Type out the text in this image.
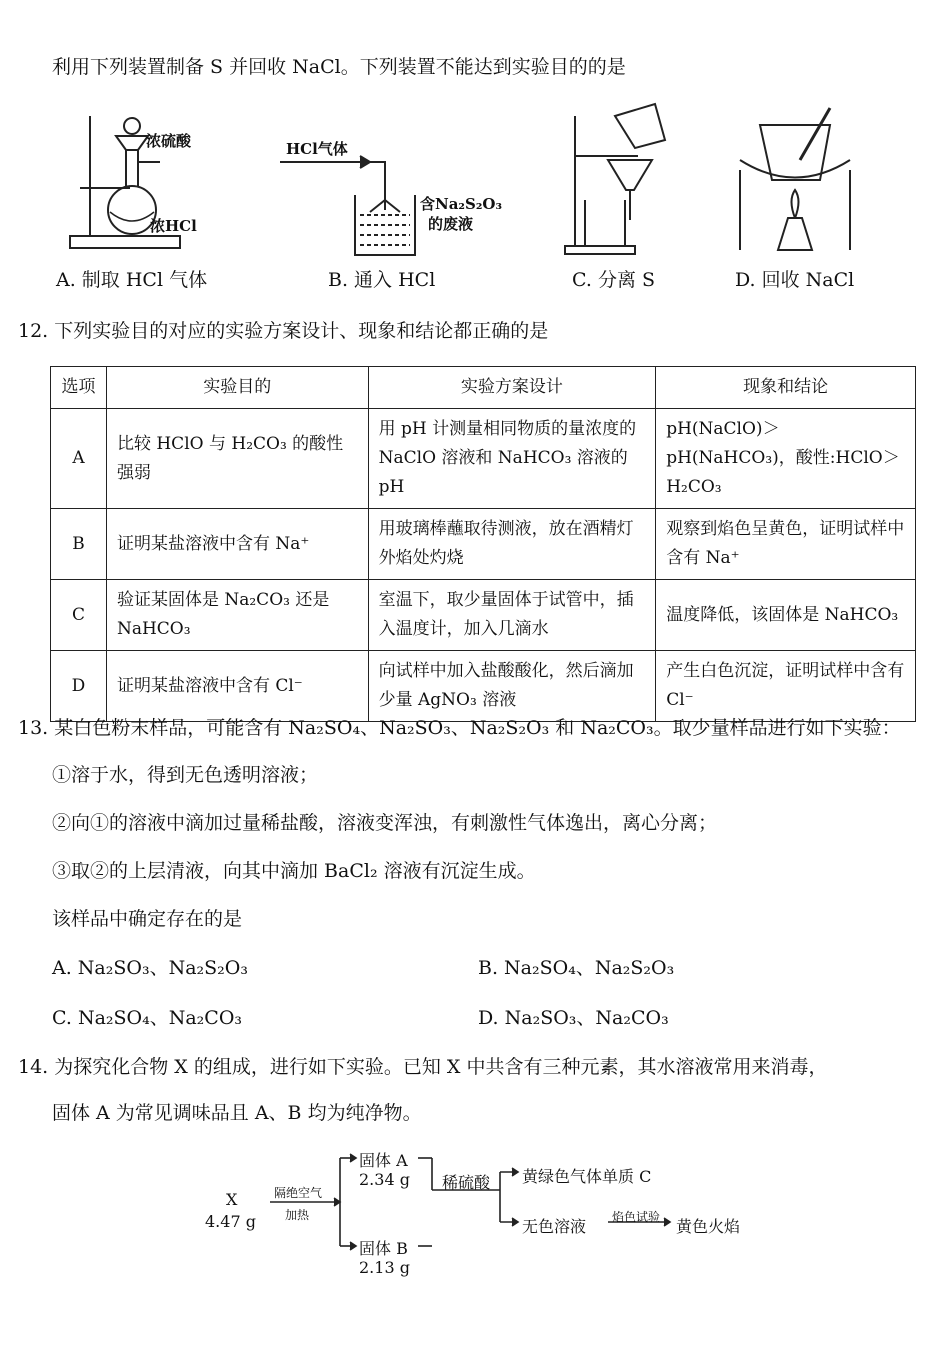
利用下列装置制备 S 并回收 NaCl。下列装置不能达到实验目的的是
浓硫酸
浓HCl
HCl气体
含Na₂S₂O₃
的废液
A. 制取 HCl 气体	B. 通入 HCl	C. 分离 S	D. 回收 NaCl
12. 下列实验目的对应的实验方案设计、现象和结论都正确的是
选项	实验目的	实验方案设计	现象和结论
A	比较 HClO 与 H₂CO₃ 的酸性强弱	用 pH 计测量相同物质的量浓度的 NaClO 溶液和 NaHCO₃ 溶液的 pH	pH(NaClO)＞pH(NaHCO₃)，酸性:HClO＞H₂CO₃
B	证明某盐溶液中含有 Na⁺	用玻璃棒蘸取待测液，放在酒精灯外焰处灼烧	观察到焰色呈黄色，证明试样中含有 Na⁺
C	验证某固体是 Na₂CO₃ 还是 NaHCO₃	室温下，取少量固体于试管中，插入温度计，加入几滴水	温度降低，该固体是 NaHCO₃
D	证明某盐溶液中含有 Cl⁻	向试样中加入盐酸酸化，然后滴加少量 AgNO₃ 溶液	产生白色沉淀，证明试样中含有 Cl⁻
13. 某白色粉末样品，可能含有 Na₂SO₄、Na₂SO₃、Na₂S₂O₃ 和 Na₂CO₃。取少量样品进行如下实验：
①溶于水，得到无色透明溶液；
②向①的溶液中滴加过量稀盐酸，溶液变浑浊，有刺激性气体逸出，离心分离；
③取②的上层清液，向其中滴加 BaCl₂ 溶液有沉淀生成。
该样品中确定存在的是
A. Na₂SO₃、Na₂S₂O₃	B. Na₂SO₄、Na₂S₂O₃
C. Na₂SO₄、Na₂CO₃	D. Na₂SO₃、Na₂CO₃
14. 为探究化合物 X 的组成，进行如下实验。已知 X 中共含有三种元素，其水溶液常用来消毒，
固体 A 为常见调味品且 A、B 均为纯净物。
X
4.47 g
隔绝空气
加热
固体 A
2.34 g
固体 B
2.13 g
稀硫酸 黄绿色气体单质 C
无色溶液 焰色试验 黄色火焰
